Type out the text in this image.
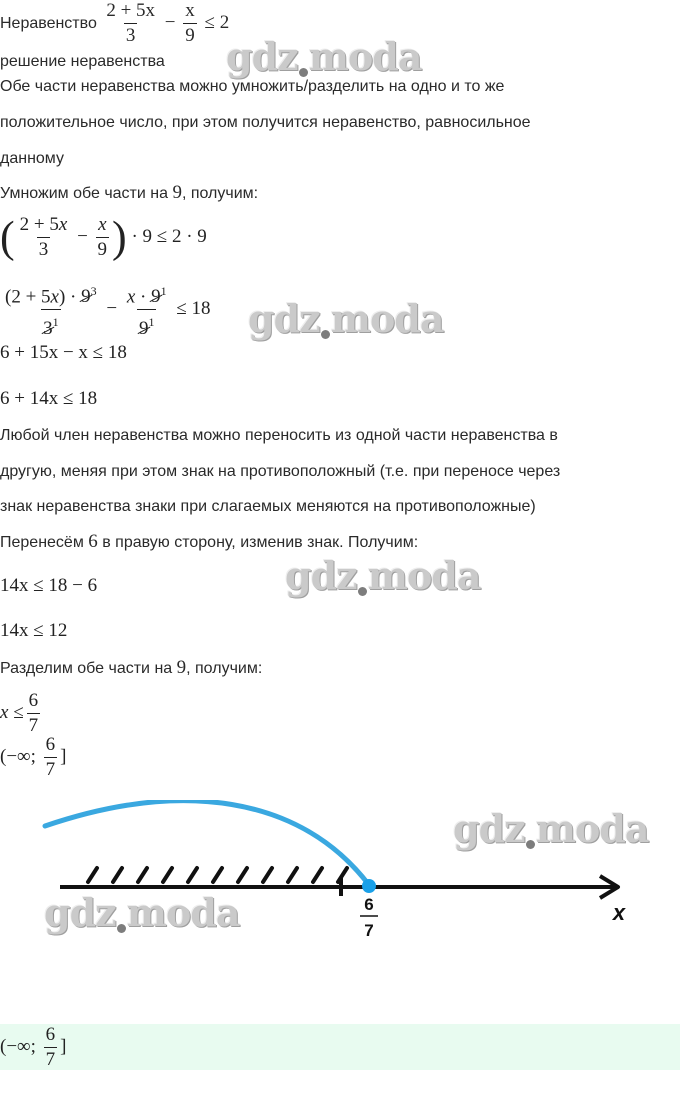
Неравенство $\frac{2 + 5x}{3} - \frac{x}{9} \le 2$
решение неравенства gdz moda
Обе части неравенства можно умножить/разделить на одно и то же
положительное число, при этом получится неравенство, равносильное
данному
Умножим обе части на 9, получим:
( $\frac{2 + 5x}{3} - \frac{x}{9}$ ) · 9 ≤ 2 · 9
$\frac{(2 + 5x) \cdot 9^3}{3^1} - \frac{x \cdot 9^1}{9^1} \le 18$ gdz moda
6 + 15x − x ≤ 18
6 + 14x ≤ 18
Любой член неравенства можно переносить из одной части неравенства в
другую, меняя при этом знак на противоположный (т.е. при переносе через
знак неравенства знаки при слагаемых меняются на противоположные)
Перенесём 6 в правую сторону, изменив знак. Получим:
gdz moda
14x ≤ 18 − 6
14x ≤ 12
Разделим обе части на 9, получим:
$x \le \frac{6}{7}$
(−∞; $\frac{6}{7}$ ]
6
7
x
gdz moda
gdz moda
(−∞; $\frac{6}{7}$ ]
